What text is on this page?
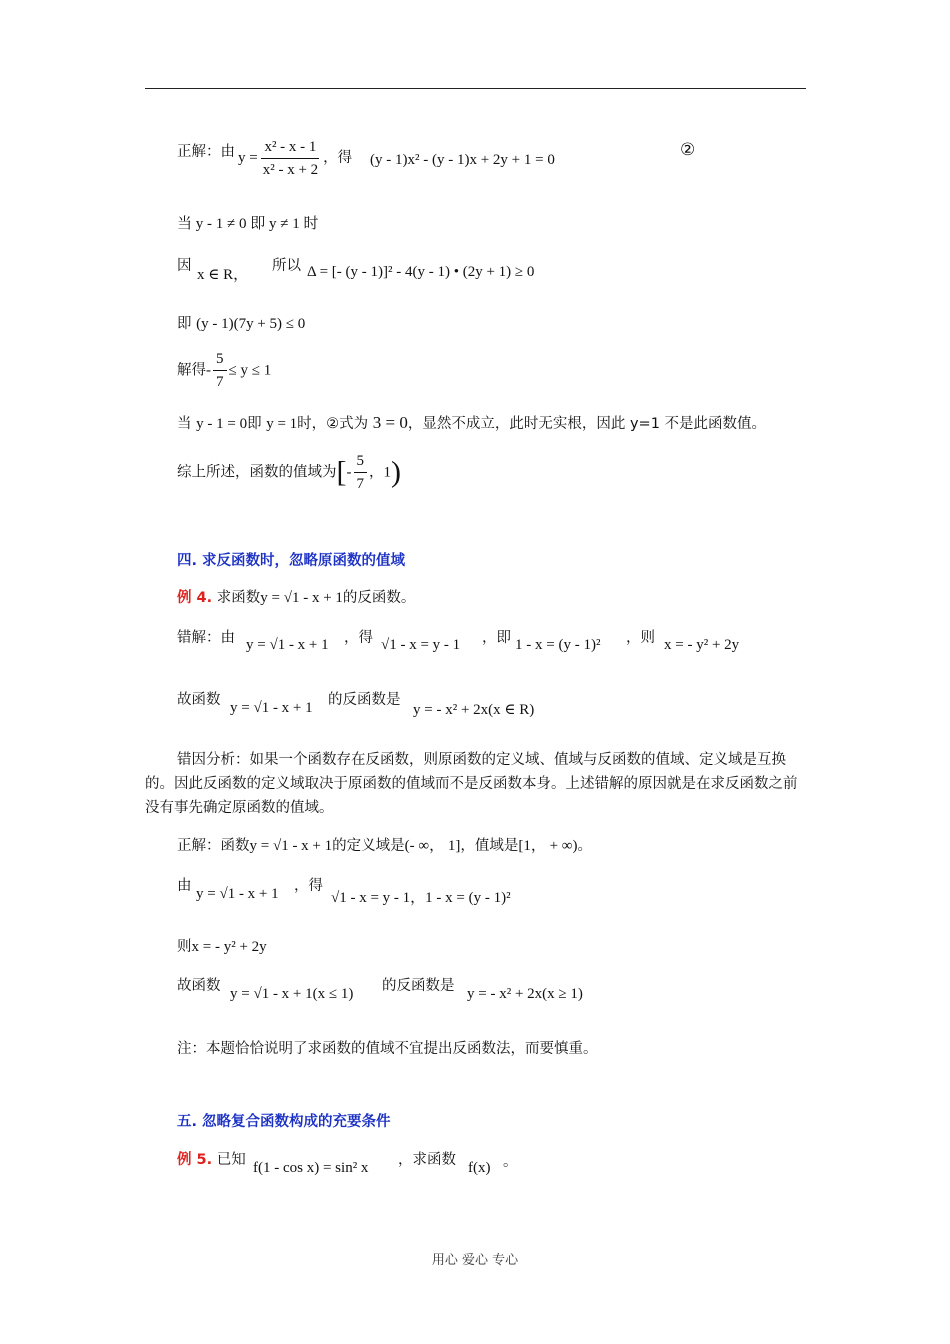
正解：由 $y = \frac{\text{x² - x - 1}}{\text{x² - x + 2}}$ ，得 (y - 1)x² - (y - 1)x + 2y + 1 = 0
②
当 y - 1 ≠ 0 即 y ≠ 1 时
因
x ∈ R，
所以 Δ = [- (y - 1)]² - 4(y - 1) • (2y + 1) ≥ 0
即 (y - 1)(7y + 5) ≤ 0
解得- $\frac{5}{7} \le y \le 1$
当 y - 1 = 0即 y = 1时，②式为 3 = 0，显然不成立，此时无实根，因此 y=1 不是此函数值。
综上所述，函数的值域为[- $\frac{5}{7}$ ，1)
四. 求反函数时，忽略原函数的值域
例 4. 求函数y = √1 - x + 1的反函数。
错解：由 y = √1 - x + 1 ，得 √1 - x = y - 1 ，即 1 - x = (y - 1)² ，则 x = - y² + 2y
故函数 y = √1 - x + 1 的反函数是
y = - x² + 2x(x ∈ R)
错因分析：如果一个函数存在反函数，则原函数的定义域、值域与反函数的值域、定义域是互换的。因此反函数的定义域取决于原函数的值域而不是反函数本身。上述错解的原因就是在求反函数之前没有事先确定原函数的值域。
正解：函数y = √1 - x + 1的定义域是(- ∞， 1]，值域是[1， + ∞)。
由 y = √1 - x + 1 ，得
√1 - x = y - 1，1 - x = (y - 1)²
则x = - y² + 2y
故函数 y = √1 - x + 1(x ≤ 1) 的反函数是 y = - x² + 2x(x ≥ 1)
注：本题恰恰说明了求函数的值域不宜提出反函数法，而要慎重。
五. 忽略复合函数构成的充要条件
例 5. 已知 f(1 - cos x) = sin² x ，求函数 f(x) 。
用心 爱心 专心
